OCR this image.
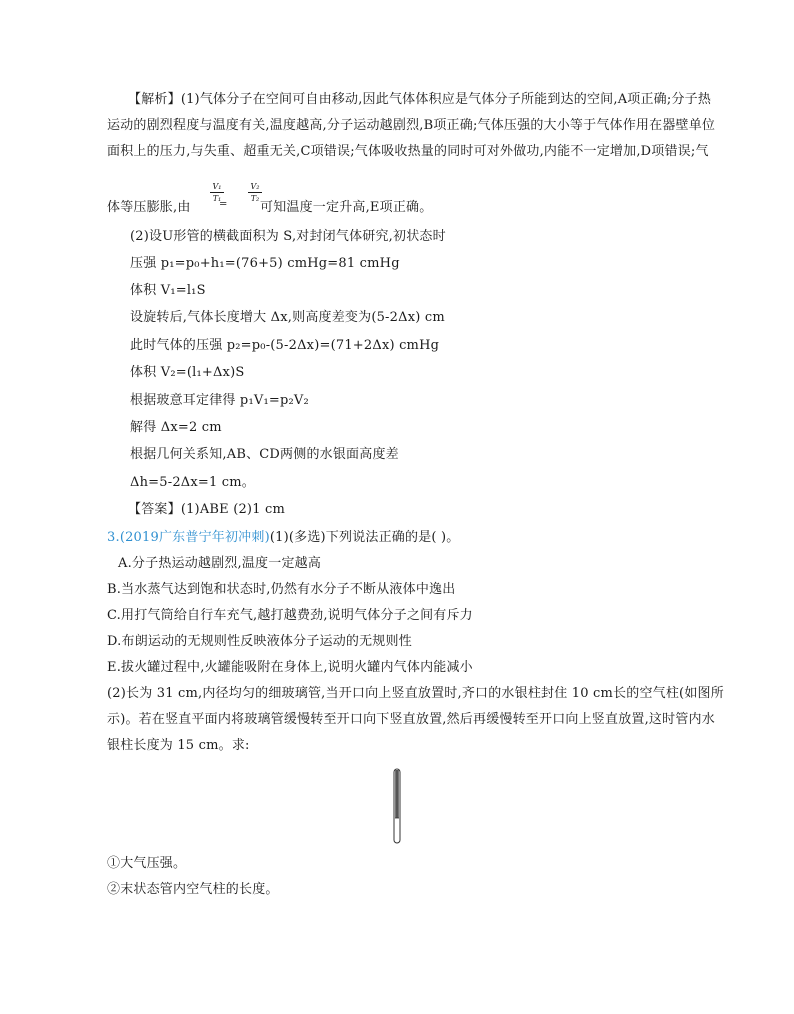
【解析】(1)气体分子在空间可自由移动,因此气体体积应是气体分子所能到达的空间,A项正确;分子热
运动的剧烈程度与温度有关,温度越高,分子运动越剧烈,B项正确;气体压强的大小等于气体作用在器壁单位
面积上的压力,与失重、超重无关,C项错误;气体吸收热量的同时可对外做功,内能不一定增加,D项错误;气
体等压膨胀,由
V₁
T₁
=
V₂
T₂
可知温度一定升高,E项正确。
(2)设U形管的横截面积为 S,对封闭气体研究,初状态时
压强 p₁=p₀+h₁=(76+5) cmHg=81 cmHg
体积 V₁=l₁S
设旋转后,气体长度增大 Δx,则高度差变为(5-2Δx) cm
此时气体的压强 p₂=p₀-(5-2Δx)=(71+2Δx) cmHg
体积 V₂=(l₁+Δx)S
根据玻意耳定律得 p₁V₁=p₂V₂
解得 Δx=2 cm
根据几何关系知,AB、CD两侧的水银面高度差
Δh=5-2Δx=1 cm。
【答案】(1)ABE (2)1 cm
3.(2019广东普宁年初冲刺)(1)(多选)下列说法正确的是( )。
A.分子热运动越剧烈,温度一定越高
B.当水蒸气达到饱和状态时,仍然有水分子不断从液体中逸出
C.用打气筒给自行车充气,越打越费劲,说明气体分子之间有斥力
D.布朗运动的无规则性反映液体分子运动的无规则性
E.拔火罐过程中,火罐能吸附在身体上,说明火罐内气体内能减小
(2)长为 31 cm,内径均匀的细玻璃管,当开口向上竖直放置时,齐口的水银柱封住 10 cm长的空气柱(如图所
示)。若在竖直平面内将玻璃管缓慢转至开口向下竖直放置,然后再缓慢转至开口向上竖直放置,这时管内水
银柱长度为 15 cm。求:
①大气压强。
②末状态管内空气柱的长度。
